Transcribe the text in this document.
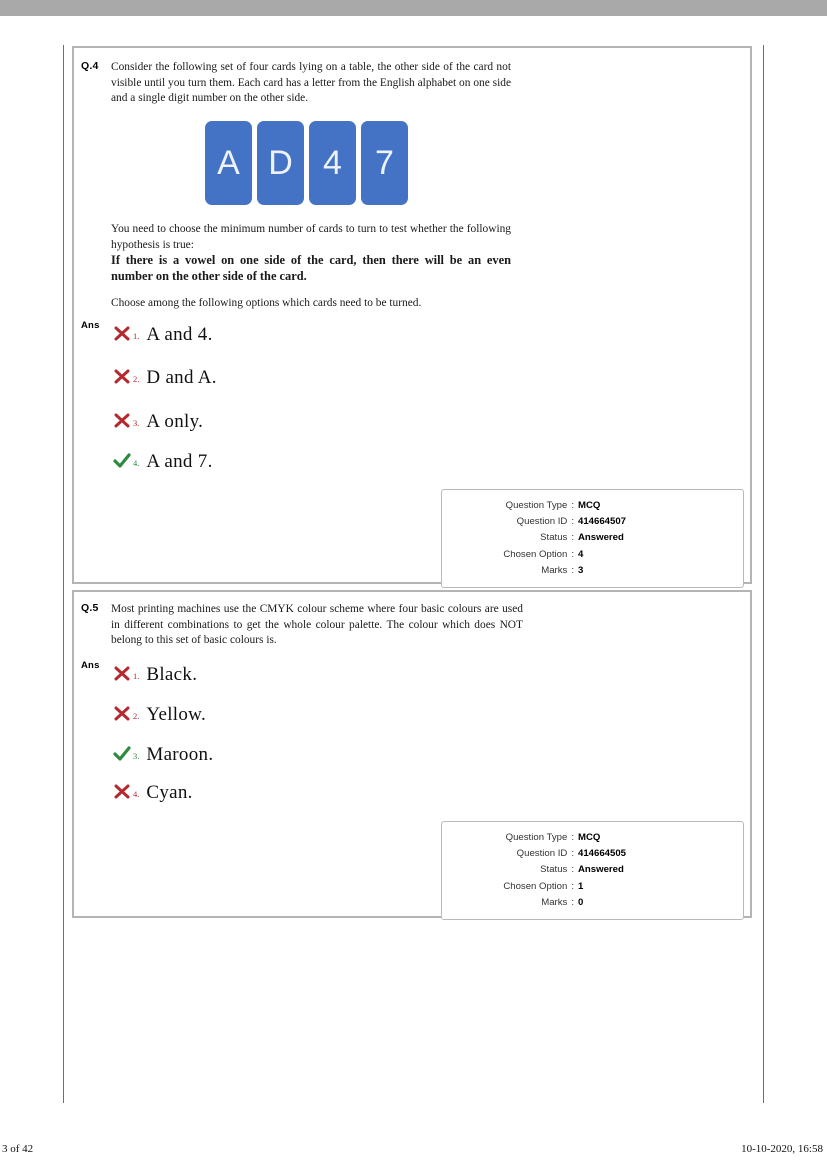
Q.4 Consider the following set of four cards lying on a table, the other side of the card not visible until you turn them. Each card has a letter from the English alphabet on one side and a single digit number on the other side.

A D 4 7

You need to choose the minimum number of cards to turn to test whether the following hypothesis is true:

If there is a vowel on one side of the card, then there will be an even number on the other side of the card.

Choose among the following options which cards need to be turned.

Ans
1. A and 4.
2. D and A.
3. A only.
4. A and 7.
Question Type : MCQ
Question ID : 414664507
Status : Answered
Chosen Option : 4
Marks : 3
Q.5 Most printing machines use the CMYK colour scheme where four basic colours are used in different combinations to get the whole colour palette. The colour which does NOT belong to this set of basic colours is.

Ans
1. Black.
2. Yellow.
3. Maroon.
4. Cyan.
Question Type : MCQ
Question ID : 414664505
Status : Answered
Chosen Option : 1
Marks : 0
3 of 42	10-10-2020, 16:58
